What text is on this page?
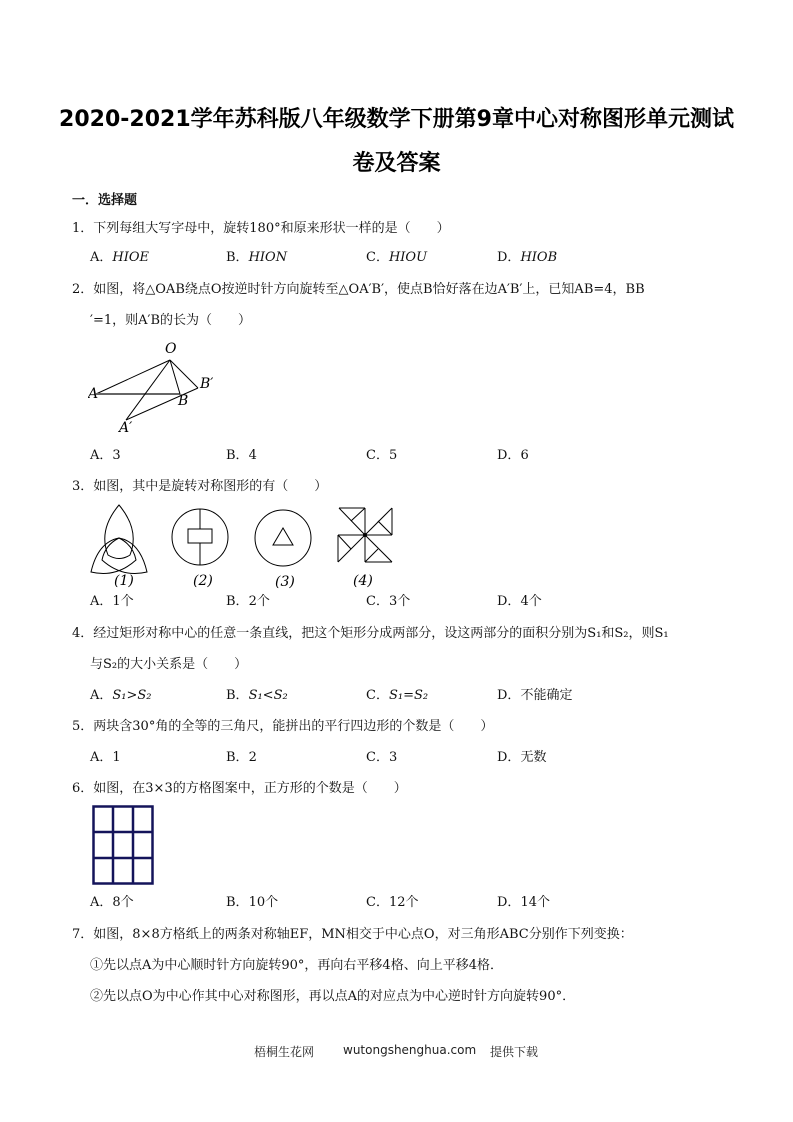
2020-2021学年苏科版八年级数学下册第9章中心对称图形单元测试
卷及答案
一．选择题
1．下列每组大写字母中，旋转180°和原来形状一样的是（　　）
A．HIOE	B．HION	C．HIOU	D．HIOB
2．如图，将△OAB绕点O按逆时针方向旋转至△OA′B′，使点B恰好落在边A′B′上，已知AB=4，BB
′=1，则A′B的长为（　　）
O
A	B
B′
A′
A．3	B．4	C．5	D．6
3．如图，其中是旋转对称图形的有（　　）
(1)	(2)	(3)	(4)
A．1个	B．2个	C．3个	D．4个
4．经过矩形对称中心的任意一条直线，把这个矩形分成两部分，设这两部分的面积分别为S₁和S₂，则S₁
与S₂的大小关系是（　　）
A．S₁>S₂	B．S₁<S₂	C．S₁=S₂	D．不能确定
5．两块含30°角的全等的三角尺，能拼出的平行四边形的个数是（　　）
A．1	B．2	C．3	D．无数
6．如图，在3×3的方格图案中，正方形的个数是（　　）
A．8个	B．10个	C．12个	D．14个
7．如图，8×8方格纸上的两条对称轴EF，MN相交于中心点O，对三角形ABC分别作下列变换：
①先以点A为中心顺时针方向旋转90°，再向右平移4格、向上平移4格．
②先以点O为中心作其中心对称图形，再以点A的对应点为中心逆时针方向旋转90°．
梧桐生花网 wutongshenghua.com 提供下载
